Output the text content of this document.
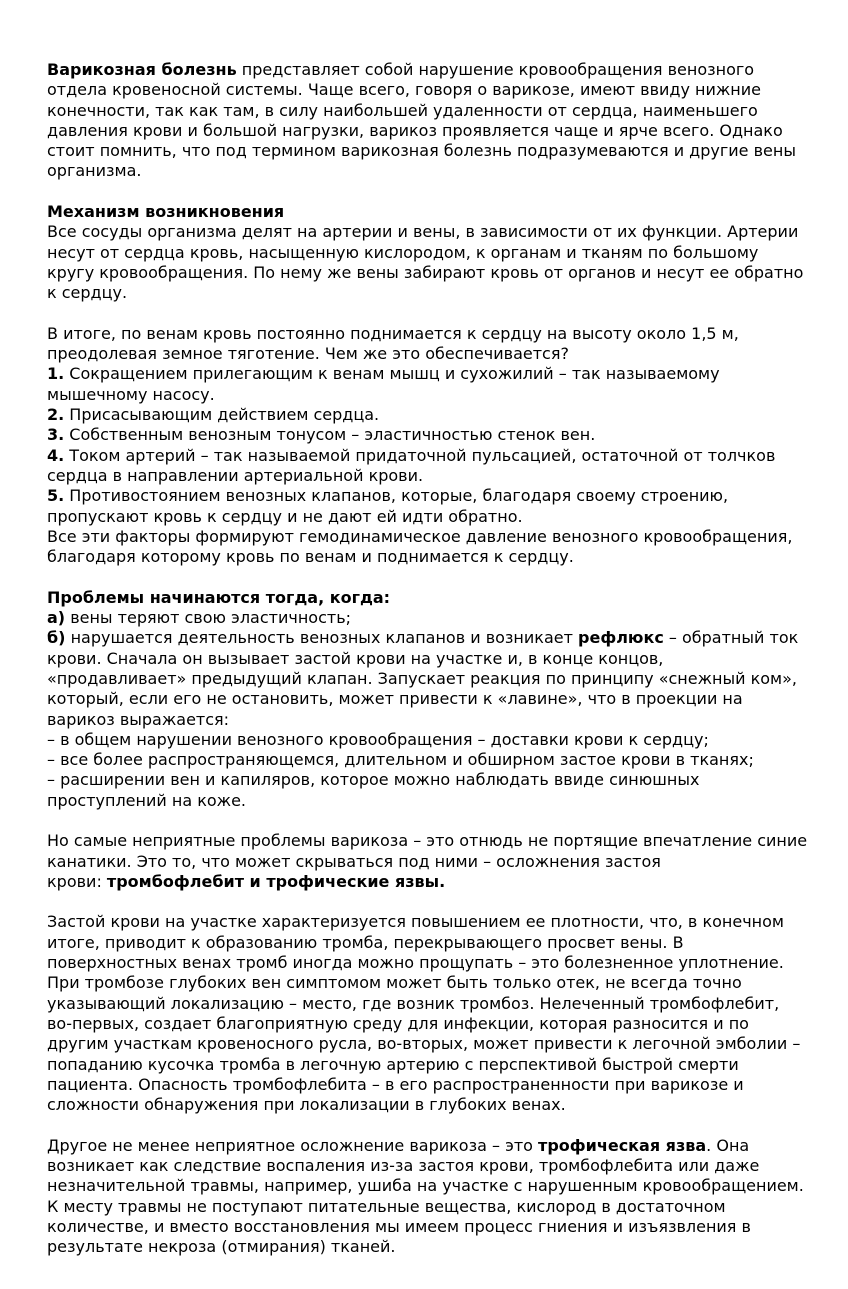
Варикозная болезнь представляет собой нарушение кровообращения венозного
отдела кровеносной системы. Чаще всего, говоря о варикозе, имеют ввиду нижние
конечности, так как там, в силу наибольшей удаленности от сердца, наименьшего
давления крови и большой нагрузки, варикоз проявляется чаще и ярче всего. Однако
стоит помнить, что под термином варикозная болезнь подразумеваются и другие вены
организма.

Механизм возникновения

Все сосуды организма делят на артерии и вены, в зависимости от их функции. Артерии
несут от сердца кровь, насыщенную кислородом, к органам и тканям по большому
кругу кровообращения. По нему же вены забирают кровь от органов и несут ее обратно
к сердцу.

В итоге, по венам кровь постоянно поднимается к сердцу на высоту около 1,5 м,
преодолевая земное тяготение. Чем же это обеспечивается?

1. Сокращением прилегающим к венам мышц и сухожилий – так называемому
мышечному насосу.

2. Присасывающим действием сердца.

3. Собственным венозным тонусом – эластичностью стенок вен.

4. Током артерий – так называемой придаточной пульсацией, остаточной от толчков
сердца в направлении артериальной крови.

5. Противостоянием венозных клапанов, которые, благодаря своему строению,
пропускают кровь к сердцу и не дают ей идти обратно.

Все эти факторы формируют гемодинамическое давление венозного кровообращения,
благодаря которому кровь по венам и поднимается к сердцу.

Проблемы начинаются тогда, когда:

а) вены теряют свою эластичность;

б) нарушается деятельность венозных клапанов и возникает рефлюкс – обратный ток
крови. Сначала он вызывает застой крови на участке и, в конце концов,
«продавливает» предыдущий клапан. Запускает реакция по принципу «снежный ком»,
который, если его не остановить, может привести к «лавине», что в проекции на
варикоз выражается:

– в общем нарушении венозного кровообращения – доставки крови к сердцу;

– все более распространяющемся, длительном и обширном застое крови в тканях;

– расширении вен и капиляров, которое можно наблюдать ввиде синюшных
проступлений на коже.

Но самые неприятные проблемы варикоза – это отнюдь не портящие впечатление синие
канатики. Это то, что может скрываться под ними – осложнения застоя
крови: тромбофлебит и трофические язвы.

Застой крови на участке характеризуется повышением ее плотности, что, в конечном
итоге, приводит к образованию тромба, перекрывающего просвет вены. В
поверхностных венах тромб иногда можно прощупать – это болезненное уплотнение.
При тромбозе глубоких вен симптомом может быть только отек, не всегда точно
указывающий локализацию – место, где возник тромбоз. Нелеченный тромбофлебит,
во-первых, создает благоприятную среду для инфекции, которая разносится и по
другим участкам кровеносного русла, во-вторых, может привести к легочной эмболии –
попаданию кусочка тромба в легочную артерию с перспективой быстрой смерти
пациента. Опасность тромбофлебита – в его распространенности при варикозе и
сложности обнаружения при локализации в глубоких венах.

Другое не менее неприятное осложнение варикоза – это трофическая язва. Она
возникает как следствие воспаления из-за застоя крови, тромбофлебита или даже
незначительной травмы, например, ушиба на участке с нарушенным кровообращением.
К месту травмы не поступают питательные вещества, кислород в достаточном
количестве, и вместо восстановления мы имеем процесс гниения и изъязвления в
результате некроза (отмирания) тканей.
